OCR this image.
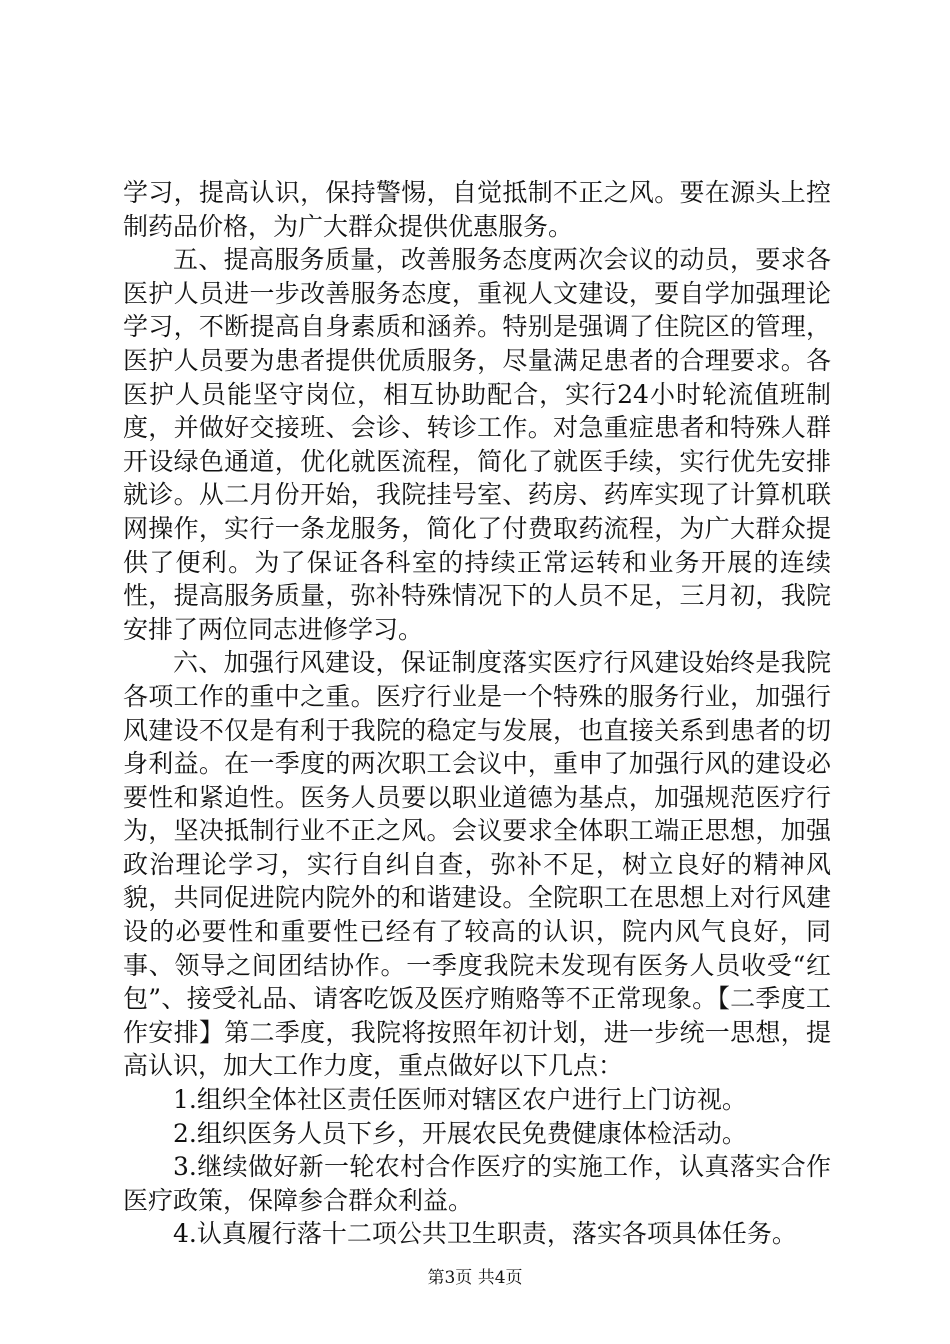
学习，提高认识，保持警惕，自觉抵制不正之风。要在源头上控制药品价格，为广大群众提供优惠服务。

五、提高服务质量，改善服务态度两次会议的动员，要求各医护人员进一步改善服务态度，重视人文建设，要自学加强理论学习，不断提高自身素质和涵养。特别是强调了住院区的管理，医护人员要为患者提供优质服务，尽量满足患者的合理要求。各医护人员能坚守岗位，相互协助配合，实行24小时轮流值班制度，并做好交接班、会诊、转诊工作。对急重症患者和特殊人群开设绿色通道，优化就医流程，简化了就医手续，实行优先安排就诊。从二月份开始，我院挂号室、药房、药库实现了计算机联网操作，实行一条龙服务，简化了付费取药流程，为广大群众提供了便利。为了保证各科室的持续正常运转和业务开展的连续性，提高服务质量，弥补特殊情况下的人员不足，三月初，我院安排了两位同志进修学习。

六、加强行风建设，保证制度落实医疗行风建设始终是我院各项工作的重中之重。医疗行业是一个特殊的服务行业，加强行风建设不仅是有利于我院的稳定与发展，也直接关系到患者的切身利益。在一季度的两次职工会议中，重申了加强行风的建设必要性和紧迫性。医务人员要以职业道德为基点，加强规范医疗行为，坚决抵制行业不正之风。会议要求全体职工端正思想，加强政治理论学习，实行自纠自查，弥补不足，树立良好的精神风貌，共同促进院内院外的和谐建设。全院职工在思想上对行风建设的必要性和重要性已经有了较高的认识，院内风气良好，同事、领导之间团结协作。一季度我院未发现有医务人员收受“红包”、接受礼品、请客吃饭及医疗贿赂等不正常现象。【二季度工作安排】第二季度，我院将按照年初计划，进一步统一思想，提高认识，加大工作力度，重点做好以下几点：

1.组织全体社区责任医师对辖区农户进行上门访视。

2.组织医务人员下乡，开展农民免费健康体检活动。

3.继续做好新一轮农村合作医疗的实施工作，认真落实合作医疗政策，保障参合群众利益。

4.认真履行落十二项公共卫生职责，落实各项具体任务。

第3页 共4页
